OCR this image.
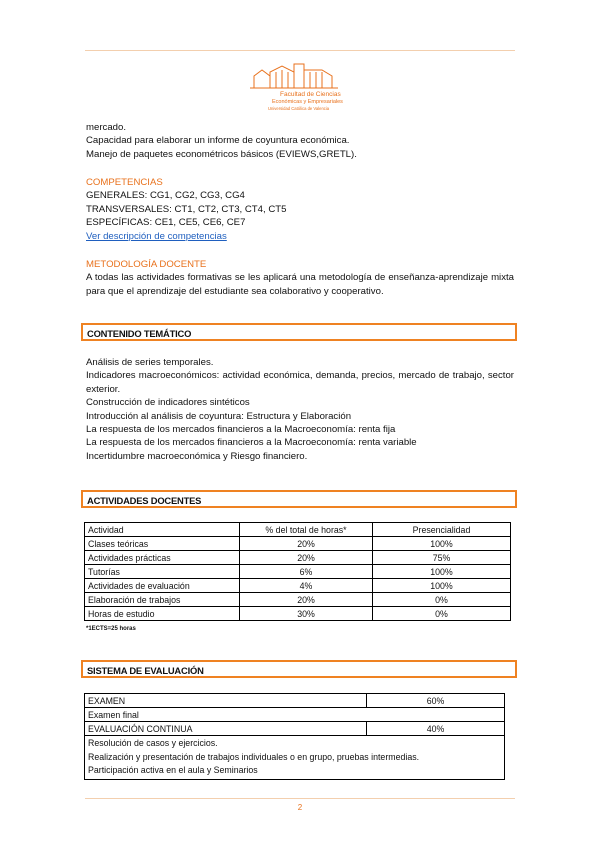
Facultad de Ciencias
Económicas y Empresariales
Universidad Católica de Valencia
mercado.
Capacidad para elaborar un informe de coyuntura económica.
Manejo de paquetes econométricos básicos (EVIEWS,GRETL).
COMPETENCIAS
GENERALES: CG1, CG2, CG3, CG4
TRANSVERSALES: CT1, CT2, CT3, CT4, CT5
ESPECÍFICAS: CE1, CE5, CE6, CE7
Ver descripción de competencias
METODOLOGÍA DOCENTE
A todas las actividades formativas se les aplicará una metodología de enseñanza-aprendizaje mixta para que el aprendizaje del estudiante sea colaborativo y cooperativo.
CONTENIDO TEMÁTICO
Análisis de series temporales.
Indicadores macroeconómicos: actividad económica, demanda, precios, mercado de trabajo, sector exterior.
Construcción de indicadores sintéticos
Introducción al análisis de coyuntura: Estructura y Elaboración
La respuesta de los mercados financieros a la Macroeconomía: renta fija
La respuesta de los mercados financieros a la Macroeconomía: renta variable
Incertidumbre macroeconómica y Riesgo financiero.
ACTIVIDADES DOCENTES
Actividad	% del total de horas*	Presencialidad
Clases teóricas	20%	100%
Actividades prácticas	20%	75%
Tutorías	6%	100%
Actividades de evaluación	4%	100%
Elaboración de trabajos	20%	0%
Horas de estudio	30%	0%
*1ECTS=25 horas
SISTEMA DE EVALUACIÓN
EXAMEN	60%
Examen final	
EVALUACIÓN CONTINUA	40%

Resolución de casos y ejercicios.
Realización y presentación de trabajos individuales o en grupo, pruebas intermedias.
Participación activa en el aula y Seminarios	
2
